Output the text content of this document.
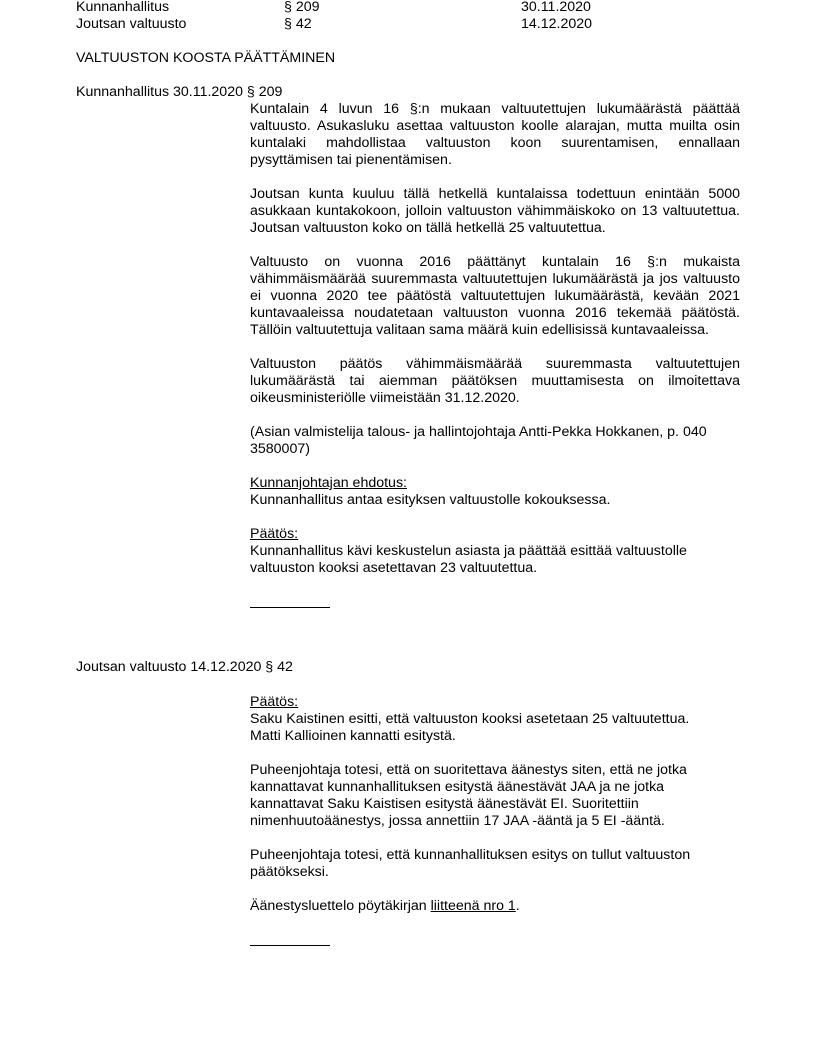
Kunnanhallitus	§ 209	30.11.2020
Joutsan valtuusto	§ 42	14.12.2020
VALTUUSTON KOOSTA PÄÄTTÄMINEN
Kunnanhallitus 30.11.2020 § 209

Kuntalain 4 luvun 16 §:n mukaan valtuutettujen lukumäärästä päättää valtuusto. Asukasluku asettaa valtuuston koolle alarajan, mutta muilta osin kuntalaki mahdollistaa valtuuston koon suurentamisen, ennallaan pysyttämisen tai pienentämisen.

Joutsan kunta kuuluu tällä hetkellä kuntalaissa todettuun enintään 5000 asukkaan kuntakokoon, jolloin valtuuston vähimmäiskoko on 13 valtuutettua. Joutsan valtuuston koko on tällä hetkellä 25 valtuutettua.

Valtuusto on vuonna 2016 päättänyt kuntalain 16 §:n mukaista vähimmäismäärää suuremmasta valtuutettujen lukumäärästä ja jos valtuusto ei vuonna 2020 tee päätöstä valtuutettujen lukumäärästä, kevään 2021 kuntavaaleissa noudatetaan valtuuston vuonna 2016 tekemää päätöstä. Tällöin valtuutettuja valitaan sama määrä kuin edellisissä kuntavaaleissa.

Valtuuston päätös vähimmäismäärää suuremmasta valtuutettujen lukumäärästä tai aiemman päätöksen muuttamisesta on ilmoitettava oikeusministeriölle viimeistään 31.12.2020.

(Asian valmistelija talous- ja hallintojohtaja Antti-Pekka Hokkanen, p. 040

3580007)

Kunnanjohtajan ehdotus:

Kunnanhallitus antaa esityksen valtuustolle kokouksessa.

Päätös:

Kunnanhallitus kävi keskustelun asiasta ja päättää esittää valtuustolle

valtuuston kooksi asetettavan 23 valtuutettua.

Joutsan valtuusto 14.12.2020 § 42

Päätös:

Saku Kaistinen esitti, että valtuuston kooksi asetetaan 25 valtuutettua.

Matti Kallioinen kannatti esitystä.

Puheenjohtaja totesi, että on suoritettava äänestys siten, että ne jotka

kannattavat kunnanhallituksen esitystä äänestävät JAA ja ne jotka

kannattavat Saku Kaistisen esitystä äänestävät EI. Suoritettiin

nimenhuutoäänestys, jossa annettiin 17 JAA -ääntä ja 5 EI -ääntä.

Puheenjohtaja totesi, että kunnanhallituksen esitys on tullut valtuuston

päätökseksi.

Äänestysluettelo pöytäkirjan liitteenä nro 1.
